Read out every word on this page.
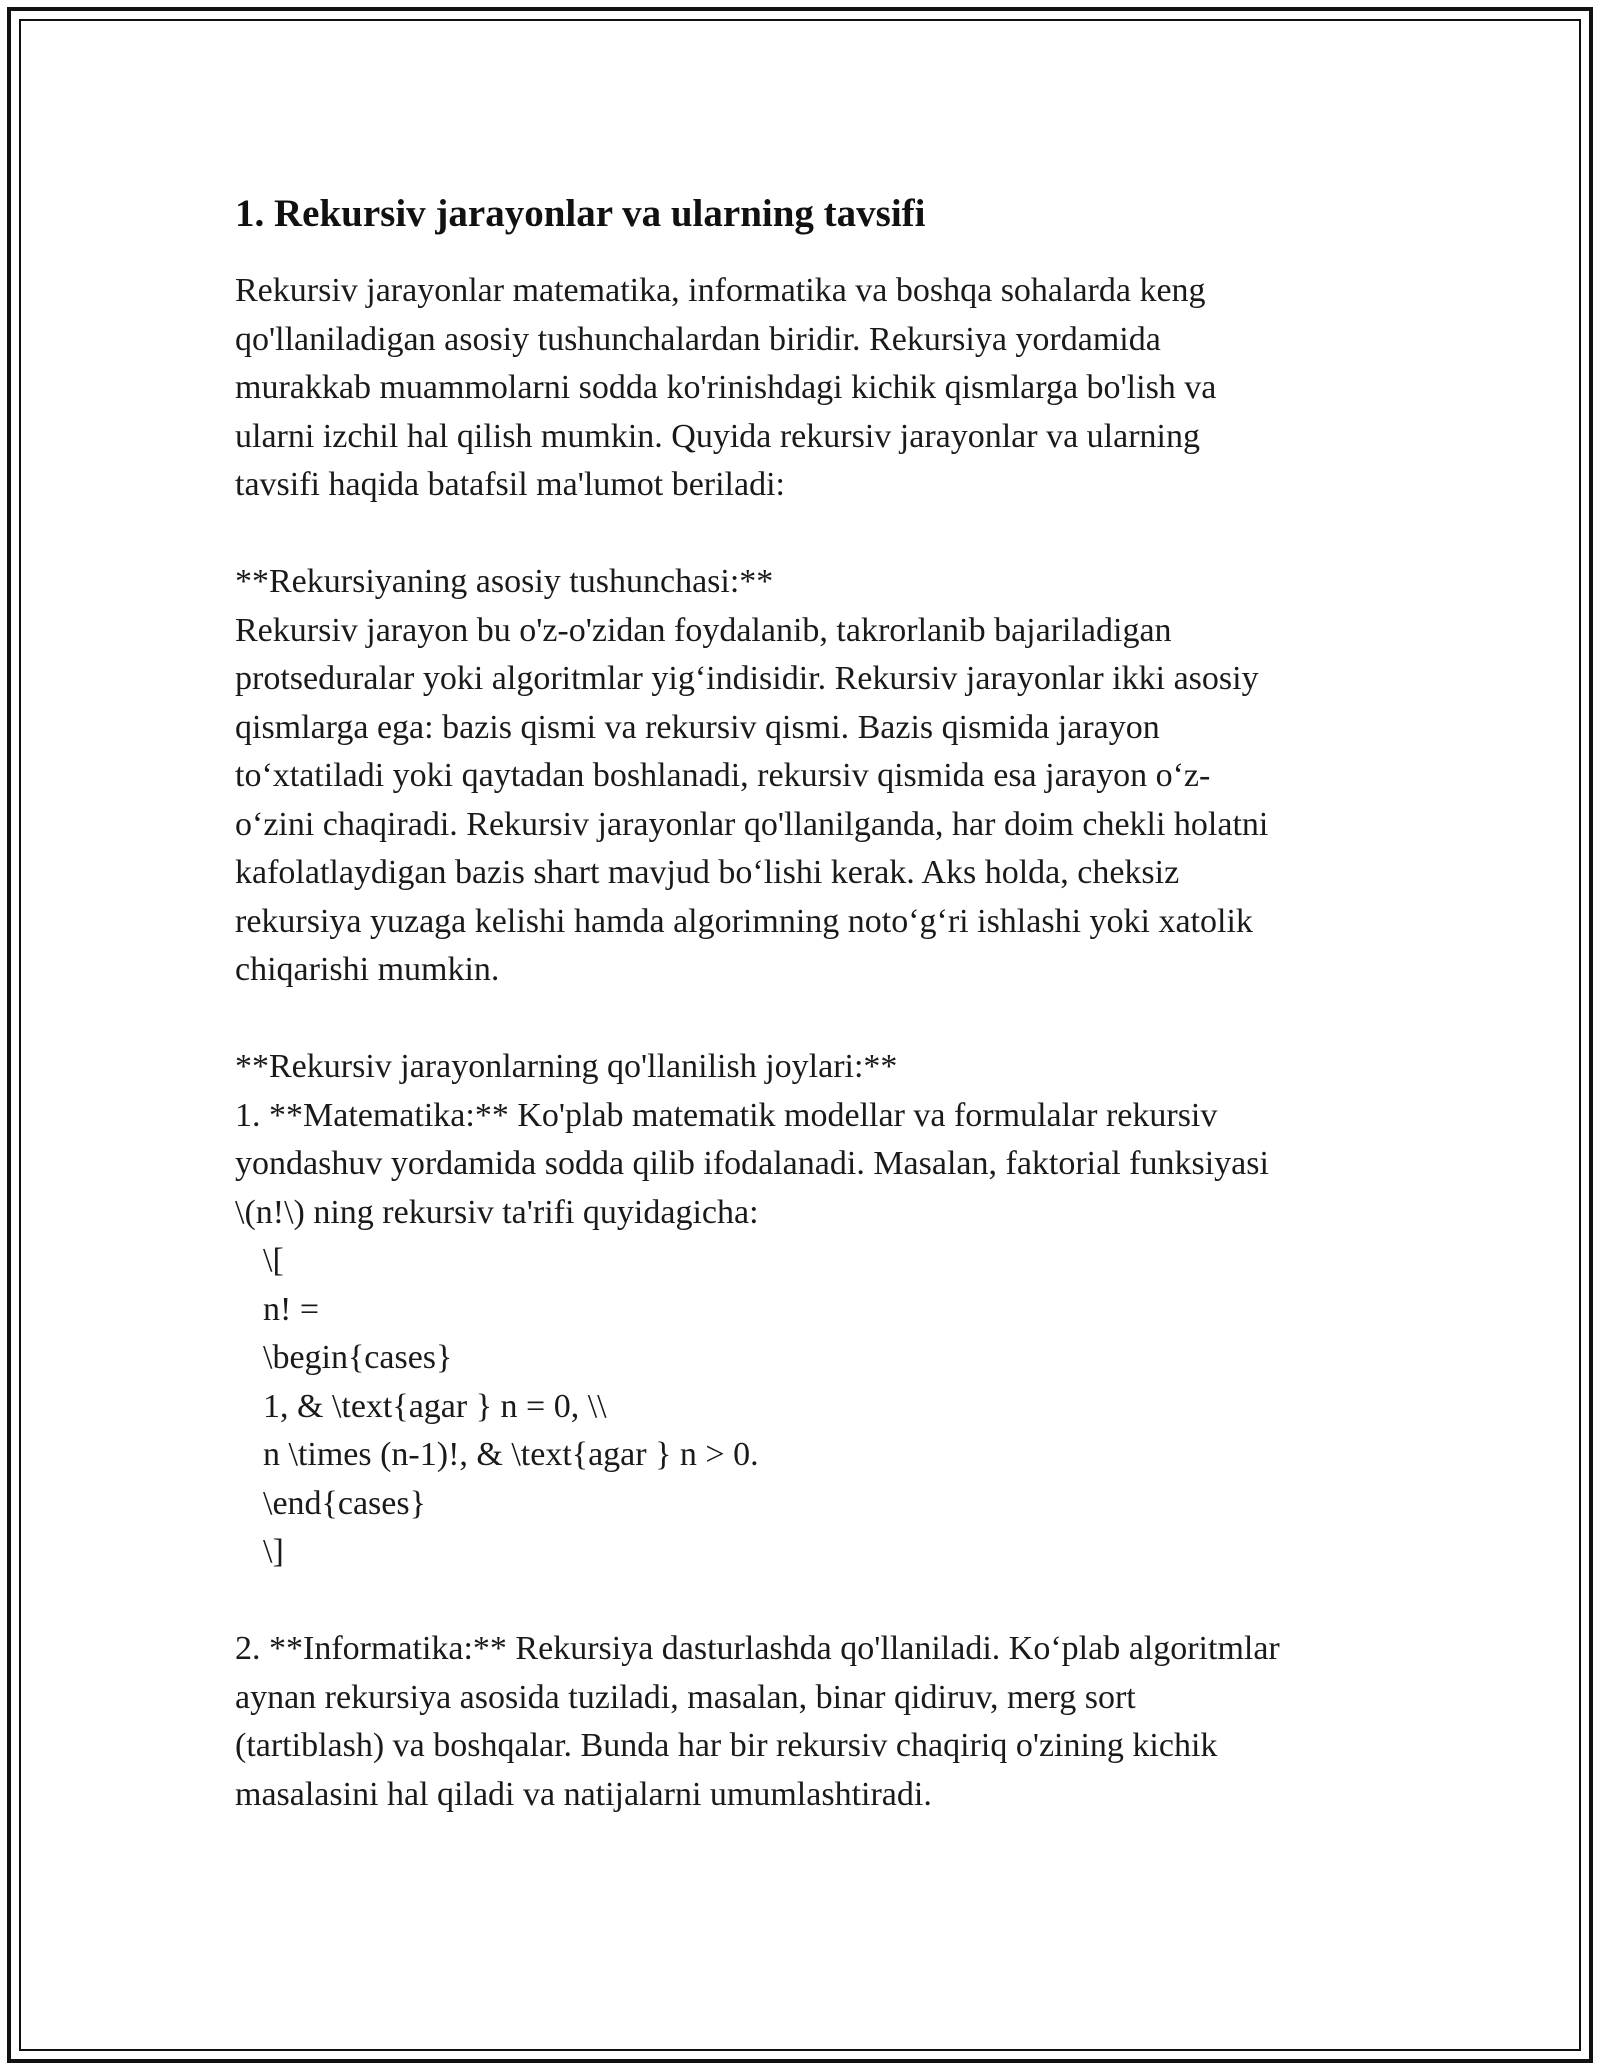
1. Rekursiv jarayonlar va ularning tavsifi

Rekursiv jarayonlar matematika, informatika va boshqa sohalarda keng
qo'llaniladigan asosiy tushunchalardan biridir. Rekursiya yordamida
murakkab muammolarni sodda ko'rinishdagi kichik qismlarga bo'lish va
ularni izchil hal qilish mumkin. Quyida rekursiv jarayonlar va ularning
tavsifi haqida batafsil ma'lumot beriladi:

**Rekursiyaning asosiy tushunchasi:**
Rekursiv jarayon bu o'z-o'zidan foydalanib, takrorlanib bajariladigan
protseduralar yoki algoritmlar yig‘indisidir. Rekursiv jarayonlar ikki asosiy
qismlarga ega: bazis qismi va rekursiv qismi. Bazis qismida jarayon
to‘xtatiladi yoki qaytadan boshlanadi, rekursiv qismida esa jarayon o‘z-
o‘zini chaqiradi. Rekursiv jarayonlar qo'llanilganda, har doim chekli holatni
kafolatlaydigan bazis shart mavjud bo‘lishi kerak. Aks holda, cheksiz
rekursiya yuzaga kelishi hamda algorimning noto‘g‘ri ishlashi yoki xatolik
chiqarishi mumkin.

**Rekursiv jarayonlarning qo'llanilish joylari:**
1. **Matematika:** Ko'plab matematik modellar va formulalar rekursiv
yondashuv yordamida sodda qilib ifodalanadi. Masalan, faktorial funksiyasi
\(n!\) ning rekursiv ta'rifi quyidagicha:

\[
n! =
\begin{cases}
1, & \text{agar } n = 0, \\
n \times (n-1)!, & \text{agar } n > 0.
\end{cases}
\]

2. **Informatika:** Rekursiya dasturlashda qo'llaniladi. Ko‘plab algoritmlar
aynan rekursiya asosida tuziladi, masalan, binar qidiruv, merg sort
(tartiblash) va boshqalar. Bunda har bir rekursiv chaqiriq o'zining kichik
masalasini hal qiladi va natijalarni umumlashtiradi.
